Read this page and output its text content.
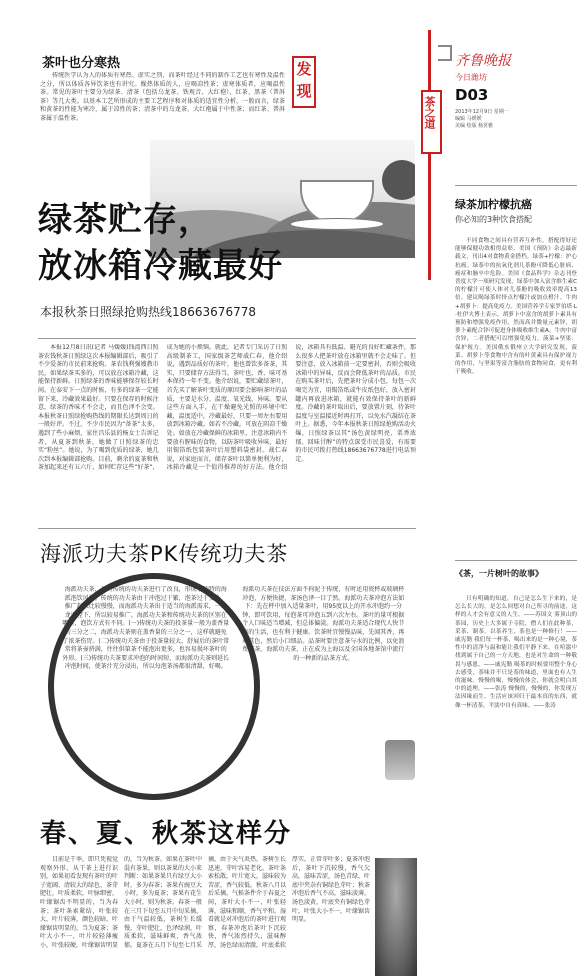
茶叶也分寒热
传统医学认为人的体质有寒热、虚实之别，而茶叶经过不同的制作工艺也有寒性及温性之分，所以体质各异饮茶也有讲究。燥热体质的人，应喝凉性茶；虚寒体质者，应喝温性茶。常见的茶叶主要分为绿茶、清茶（包括乌龙茶、铁观音、大红袍）、红茶、黑茶（普洱茶）等几大类。以基本工艺所形成的主要工艺程序和对体质的适宜性分析，一般而言，绿茶和黄茶的性能为寒冷，属于凉性的茶；清茶中的乌龙茶、大红袍属于中性茶；而红茶、普洱茶属于温性茶。
发现
绿茶贮存，
放冰箱冷藏最好
本报秋茶日照绿抢购热线18663676778
本报12月8日讯(记者 马媛媛)钱湾西日照茶农钱秋茶日照绿这次本报编辑部后，吸引了不少爱茶的市民前来抢购。茶农钱利强嫂教市民，如果绿茶买多的，可以放在冰箱冷藏，这能保持新鲜。日照绿茶的香味能够保存较长时间。在泰安下一点的时候，有多的绿茶一定能留下来，冷藏效果最好。只要在保存的时候注意，绿茶的香味才不会走，而且色泽不会变。本报秋茶日照绿抢购热线的期限长达到周日的一般好评。不过，不少市民因为“备茶”太多，遇到了些小麻烦，家住昌乐县的杨女士告诉记者，从夏茶到秋茶，她做了日照绿茶的忠实“粉丝”。她说，为了喝到优质的绿茶，她几次到本报编辑部抢购。目前，剩余的夏茶和秋茶加起来还有五六斤，如何贮存这些“好茶”，成为她的小烦恼。就此，记者专门采访了日照高级制茶工，国家级茶艺师戚仁春，他介绍说，遇到品质好的茶叶，他也曾饮多备茶，其实，只要储存方法得当，茶叶也，香、味可基本保持一年不变。他介绍说，要贮藏绿茶叶，首先买了解茶叶变质的原因要会影响茶叶的品质，主要是水分、温度、氧光线、异味。要从这些方面入手，在干燥避免光照的环境中贮藏，温度适中，冷藏最好，只要一周左右要用放到冰箱冷藏。如若不冷藏，可放在阴凉干燥处。如放在冷藏保鲜的冰箱里，注意冰箱内不要放有腥味的食物，以防茶叶吸收异味，最好用锡箔纸包装茶叶后用塑料袋密封。战仁春说，对家庭而言，储存茶叶以简单便利为好，冰箱冷藏是一个值得推荐的好方法。他介绍说，冰箱具有低温、避光的良好贮藏条件，那么很多人把茶叶放在冰箱里就不会走味了。但要注意，放入冰箱前一定要密封，否则会吸收冰箱中的异味，反而会降低茶叶的品质。市民在购买茶叶后，先把茶叶分成小包，每包一次喝完为宜，用锡箔纸或牛皮纸包好，放入密封罐内再放进冰箱，就能有效保持茶叶的新鲜度。冷藏的茶叶取出后，要放置片刻，待茶叶温度与室温接近时再打开，以免水汽凝结在茶叶上。据悉，今年本报秋茶日照绿抢购活动火爆，日照绿茶以其“汤色黄绿明亮、栗香浓郁、回味甘醇”的特点深受市民喜爱，有需要的市民可拨打热线18663676778进行电话预定。
海派功夫茶PK传统功夫茶
海派功夫茶，是对传统的功夫茶进行了改良，形成了独特的海派泡饮风格。传统的功夫茶由于冲泡过于繁，泡茶过于复杂，推广起来比较慢慢，而海派功夫茶出于适当的海派需求，一条龙调控下，所以较易推广。海派功夫茶和传统功夫茶的区别在哪里，泡饮方式有不同。(一)传统功夫茶的投茶量一般为盖香量的三分之二，海派功夫茶则在盖香量的三分之一，这样就避免了浓茶伤胃。(二)传统功夫茶由于投茶量较大，舒展后的茶叶常常将茶壶挤满，往往供第茶不能泡出更多，也容易损坏茶叶的外形。(三)传统功夫茶要求冲泡的时间短，而海派功夫茶则延长冲泡时间，使茶汁充分浸出，所以每泡茶汤都很清甜，好喝。海派功夫茶在技法方面不拘泥于传统，有时还用瓷杯或玻璃杯冲泡，方便快捷，茶汤色泽一目了然。海派功夫茶冲泡方法如下：先在杯中加入适量茶叶，用95度以上的开水冲泡约一分钟，即可饮用，每泡茶可冲泡五到六次左右。茶叶的量可根据个人口味适当增减，但总体偏淡。海派功夫茶适合现代人快节奏的生活，也有利于健康。饮茶时宜慢慢品味，先闻其香，再观其色，然后小口细品。品茶时要注意茶与水的比例，以免浪费好茶。海派功夫茶，正在成为上海以及全国各地茶馆中流行的一种新的品茶方式。
春、夏、秋茶这样分
目前是干季，即只凭视觉观察外形、从干茶上进行识别，如果初看发现有茶叶的叶子宽阔、清较大的绿色，茶芽肥壮，叶质柔软，叶脉细密，叶缘锯齿不明显的，当为春茶；茶叶条索紧结，叶张较大，叶片较薄，颜色较暗，叶缘锯齿明显的，当为夏茶；茶叶大小不一，叶片较轻薄瘦小，叶张较硬，叶缘锯齿明显的，当为秋茶。如果在茶叶中混有茶果，则以茶果的大小来判断：如果茶果只有绿豆大小时，多为春茶；茶果有豌豆大小时，多为夏茶；茶果有花生大小时，则为秋茶。春茶一般在三月下旬至五月中旬采摘，由于气温较低，茶树生长缓慢，芽叶肥壮，色泽绿润，叶质柔软，滋味鲜爽，香气浓郁。夏茶在五月下旬至七月采摘，由于天气炎热，茶树生长迅速，芽叶容易老化，茶叶条索松散，叶片宽大，滋味较为苦涩，香气较低。秋茶八月以后采摘，气候条件介于春夏之间，茶叶大小不一，叶张轻薄，滋味和顺，香气平和。湿看就是对冲泡后的茶叶进行观察，春茶冲泡后茶叶下沉较快，香气浓烈持久，滋味醇厚，汤色绿而清澈，叶底柔软厚实，正常芽叶多；夏茶冲泡后，茶叶下沉较慢，香气欠高，滋味苦涩，汤色青绿，叶底中夹杂有铜绿色芽叶；秋茶冲泡后香气不高，滋味淡薄，汤色淡黄，叶底夹有铜绿色芽叶，叶张大小不一，叶缘锯齿明显。
茶之道
齐鲁晚报
今日潍坊
D03
2013年12月9日 星期一
编辑 马媛媛
美编 绘版 杨茗雅
绿茶加柠檬抗癌
你必知的3种饮食搭配
不同食物之间具有营养互补性，搭配得好还能够保健功效相得益彰。美国《预防》杂志最新载文，刊出4对食物黄金搭档。绿茶+柠檬：护心抗癌。绿茶中的抗氧化剂儿茶酚可降低心脏病、癌症和脑卒中危险。美国《食品科学》杂志刊登普度大学一项研究发现，绿茶中加入富含维生素C的柠檬汁可使人体对儿茶酚的吸收效率提高13倍。建议喝绿茶时挤点柠檬汁或加点橙汁。牛肉+胡萝卜：提高免疫力。美国营养学专家罗伯塔·L·杜伊夫博士表示，胡萝卜中富含的胡萝卜素具有预防和增强免疫作用，然而高并微量元素锌，胡萝卜素配合锌可促进身体吸收维生素A。牛肉中富含锌，二者搭配可以增强免疫力。菠菜+坚果：保护视力。美国俄亥俄州立大学研究发现，菠菜、胡萝卜等食物中含有的叶黄素具有保护视力的作用，与坚果等富含脂肪的食物同食，更有利于吸收。
《茶，一片树叶的故事》
只有明确的知道，自己是怎么生下来的，是怎么长大的，是怎么回想对自己所寻的前途，这样的人才会有意义的人生。——苏国文 雾顶山的茶园，历史上大多属于寺院，僧人们在此种茶，采茶、制茶，以茶养生，茶也是一种修行！——戚宪勤 我们每一杯茶，喝出来的是一种心境，茶性中的清净与温和能让我们平静下来，在喧嚣中找到属于自己的一方天地，也是对生命的一种敬畏与感恩。——戚宪勤 喝茶的时候要用整个身心去感受，茶味并不只是茶的味道，里面也有人生的滋味。慢慢的喝，慢慢的体会，你就会明白其中的道理。——张涛 慢慢的，慢慢的，你发现万法因缘而生，生活应该回归于最本真的东西，就像一杯清茶，平淡中自有真味。——张涛
